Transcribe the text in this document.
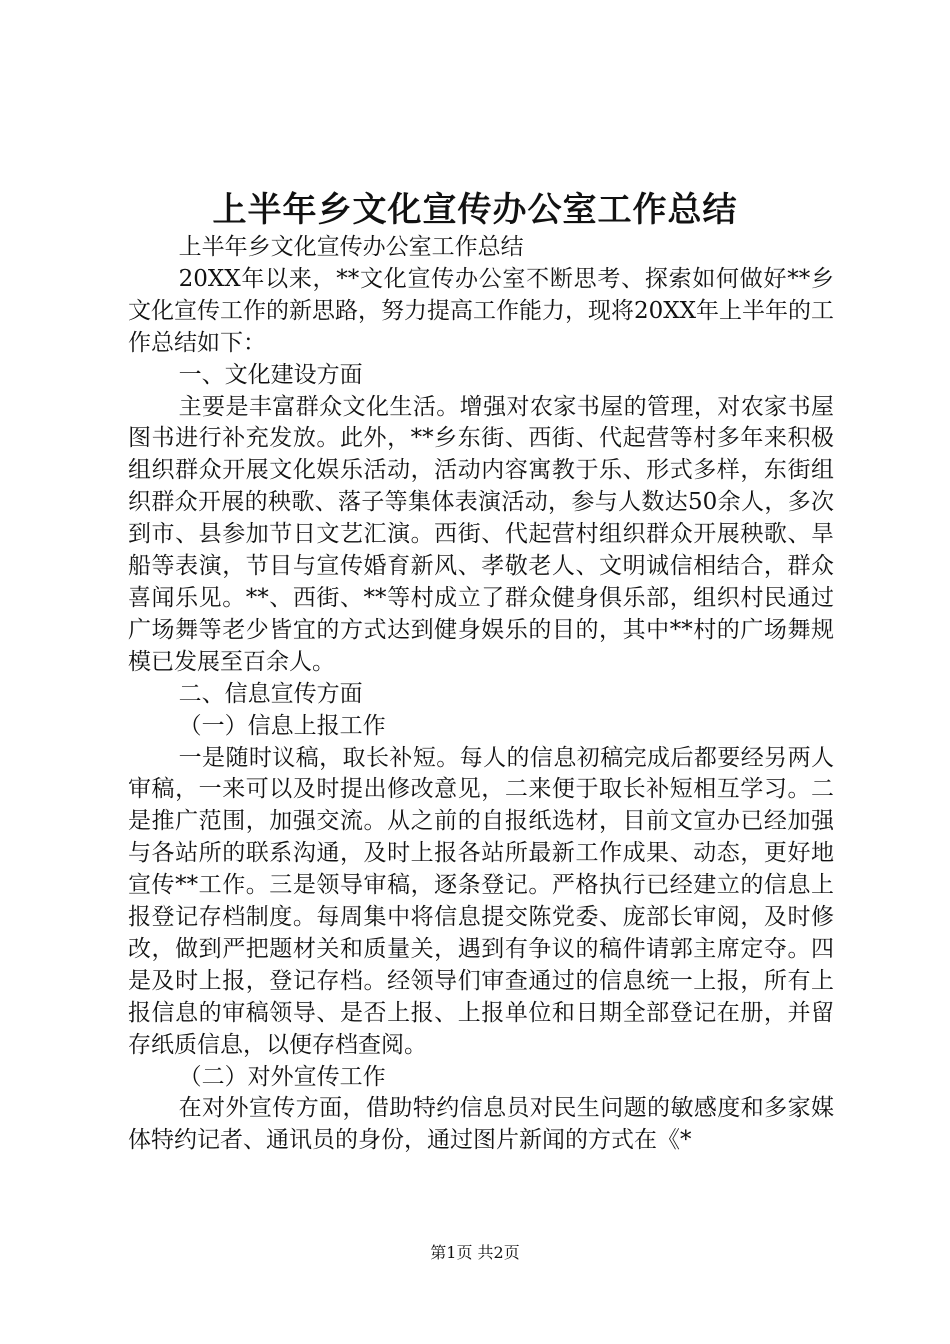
上半年乡文化宣传办公室工作总结

上半年乡文化宣传办公室工作总结

20XX年以来，**文化宣传办公室不断思考、探索如何做好**乡文化宣传工作的新思路，努力提高工作能力，现将20XX年上半年的工作总结如下：

一、文化建设方面

主要是丰富群众文化生活。增强对农家书屋的管理，对农家书屋图书进行补充发放。此外，**乡东街、西街、代起营等村多年来积极组织群众开展文化娱乐活动，活动内容寓教于乐、形式多样，东街组织群众开展的秧歌、落子等集体表演活动，参与人数达50余人，多次到市、县参加节日文艺汇演。西街、代起营村组织群众开展秧歌、旱船等表演，节目与宣传婚育新风、孝敬老人、文明诚信相结合，群众喜闻乐见。**、西街、**等村成立了群众健身俱乐部，组织村民通过广场舞等老少皆宜的方式达到健身娱乐的目的，其中**村的广场舞规模已发展至百余人。

二、信息宣传方面

（一）信息上报工作

一是随时议稿，取长补短。每人的信息初稿完成后都要经另两人审稿，一来可以及时提出修改意见，二来便于取长补短相互学习。二是推广范围，加强交流。从之前的自报纸选材，目前文宣办已经加强与各站所的联系沟通，及时上报各站所最新工作成果、动态，更好地宣传**工作。三是领导审稿，逐条登记。严格执行已经建立的信息上报登记存档制度。每周集中将信息提交陈党委、庞部长审阅，及时修改，做到严把题材关和质量关，遇到有争议的稿件请郭主席定夺。四是及时上报，登记存档。经领导们审查通过的信息统一上报，所有上报信息的审稿领导、是否上报、上报单位和日期全部登记在册，并留存纸质信息，以便存档查阅。

（二）对外宣传工作

在对外宣传方面，借助特约信息员对民生问题的敏感度和多家媒体特约记者、通讯员的身份，通过图片新闻的方式在《*

第1页 共2页
